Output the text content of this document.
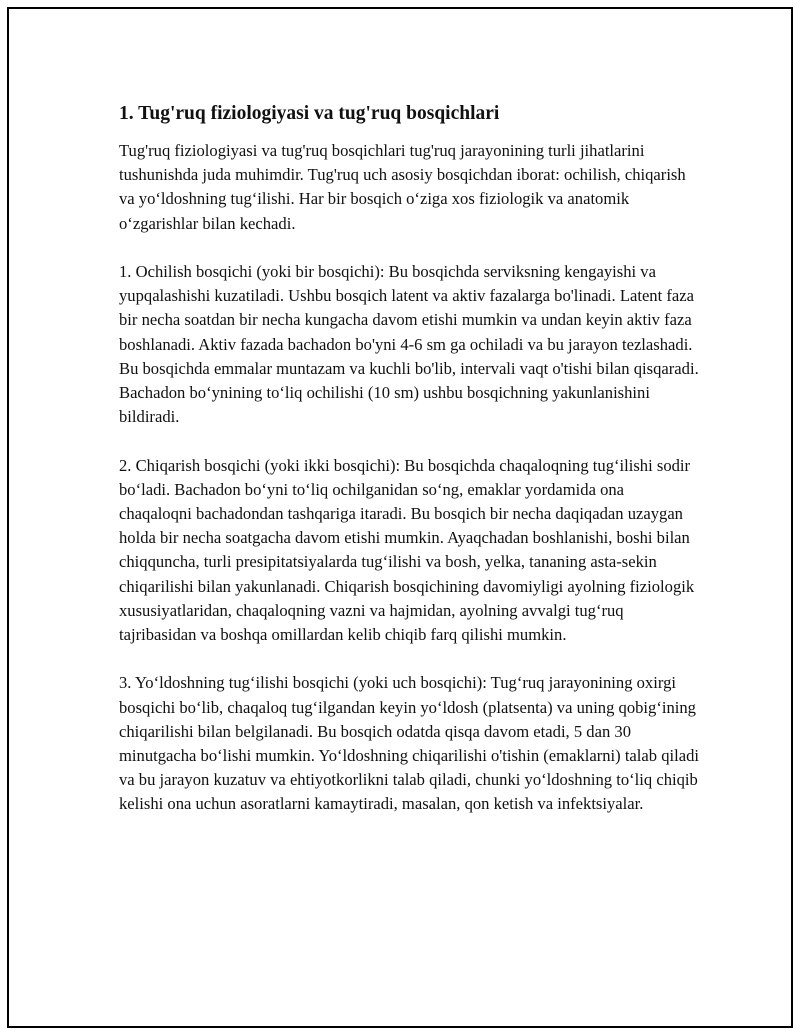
1. Tug'ruq fiziologiyasi va tug'ruq bosqichlari

Tug'ruq fiziologiyasi va tug'ruq bosqichlari tug'ruq jarayonining turli jihatlarini tushunishda juda muhimdir. Tug'ruq uch asosiy bosqichdan iborat: ochilish, chiqarish va yo‘ldoshning tug‘ilishi. Har bir bosqich o‘ziga xos fiziologik va anatomik o‘zgarishlar bilan kechadi.

1. Ochilish bosqichi (yoki bir bosqichi): Bu bosqichda serviksning kengayishi va yupqalashishi kuzatiladi. Ushbu bosqich latent va aktiv fazalarga bo'linadi. Latent faza bir necha soatdan bir necha kungacha davom etishi mumkin va undan keyin aktiv faza boshlanadi. Aktiv fazada bachadon bo'yni 4-6 sm ga ochiladi va bu jarayon tezlashadi. Bu bosqichda emmalar muntazam va kuchli bo'lib, intervali vaqt o'tishi bilan qisqaradi. Bachadon bo‘ynining to‘liq ochilishi (10 sm) ushbu bosqichning yakunlanishini bildiradi.

2. Chiqarish bosqichi (yoki ikki bosqichi): Bu bosqichda chaqaloqning tug‘ilishi sodir bo‘ladi. Bachadon bo‘yni to‘liq ochilganidan so‘ng, emaklar yordamida ona chaqaloqni bachadondan tashqariga itaradi. Bu bosqich bir necha daqiqadan uzaygan holda bir necha soatgacha davom etishi mumkin. Ayaqchadan boshlanishi, boshi bilan chiqquncha, turli presipitatsiyalarda tug‘ilishi va bosh, yelka, tananing asta-sekin chiqarilishi bilan yakunlanadi. Chiqarish bosqichining davomiyligi ayolning fiziologik xususiyatlaridan, chaqaloqning vazni va hajmidan, ayolning avvalgi tug‘ruq tajribasidan va boshqa omillardan kelib chiqib farq qilishi mumkin.

3. Yo‘ldoshning tug‘ilishi bosqichi (yoki uch bosqichi): Tug‘ruq jarayonining oxirgi bosqichi bo‘lib, chaqaloq tug‘ilgandan keyin yo‘ldosh (platsenta) va uning qobig‘ining chiqarilishi bilan belgilanadi. Bu bosqich odatda qisqa davom etadi, 5 dan 30 minutgacha bo‘lishi mumkin. Yo‘ldoshning chiqarilishi o'tishin (emaklarni) talab qiladi va bu jarayon kuzatuv va ehtiyotkorlikni talab qiladi, chunki yo‘ldoshning to‘liq chiqib kelishi ona uchun asoratlarni kamaytiradi, masalan, qon ketish va infektsiyalar.
